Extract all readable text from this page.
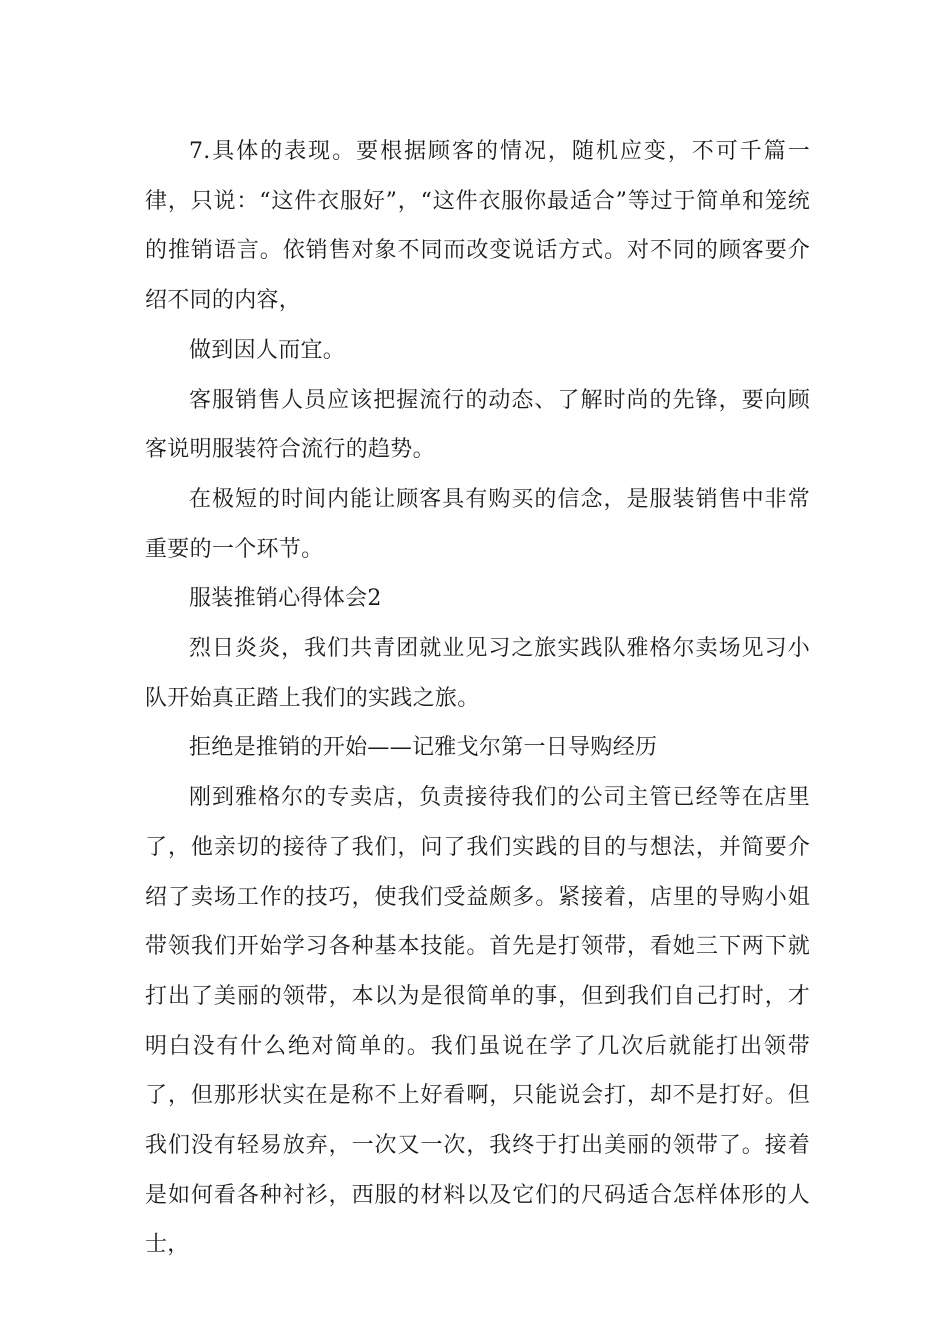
7.具体的表现。要根据顾客的情况，随机应变，不可千篇一律，只说：“这件衣服好”，“这件衣服你最适合”等过于简单和笼统的推销语言。依销售对象不同而改变说话方式。对不同的顾客要介绍不同的内容，

做到因人而宜。

客服销售人员应该把握流行的动态、了解时尚的先锋，要向顾客说明服装符合流行的趋势。

在极短的时间内能让顾客具有购买的信念，是服装销售中非常重要的一个环节。

服装推销心得体会2

烈日炎炎，我们共青团就业见习之旅实践队雅格尔卖场见习小队开始真正踏上我们的实践之旅。

拒绝是推销的开始——记雅戈尔第一日导购经历

刚到雅格尔的专卖店，负责接待我们的公司主管已经等在店里了，他亲切的接待了我们，问了我们实践的目的与想法，并简要介绍了卖场工作的技巧，使我们受益颇多。紧接着，店里的导购小姐带领我们开始学习各种基本技能。首先是打领带，看她三下两下就打出了美丽的领带，本以为是很简单的事，但到我们自己打时，才明白没有什么绝对简单的。我们虽说在学了几次后就能打出领带了，但那形状实在是称不上好看啊，只能说会打，却不是打好。但我们没有轻易放弃，一次又一次，我终于打出美丽的领带了。接着是如何看各种衬衫，西服的材料以及它们的尺码适合怎样体形的人士，
